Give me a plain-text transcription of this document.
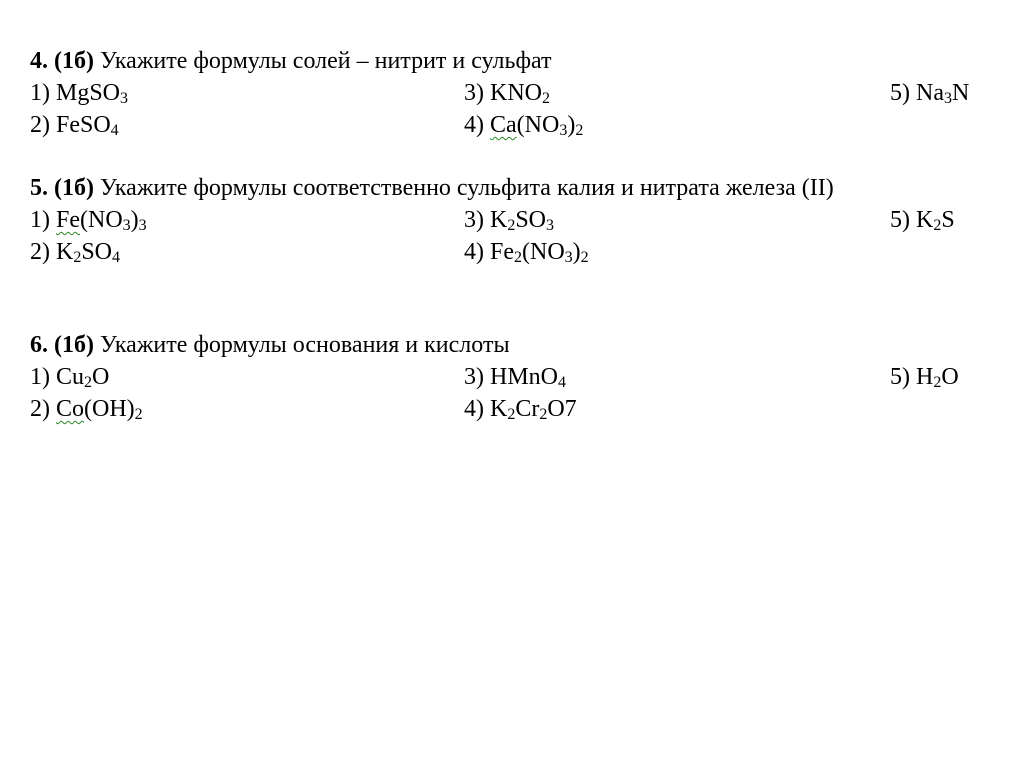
4. (1б) Укажите формулы солей – нитрит и сульфат
1) MgSO$_3$	3) $KNO_2$	5) $Na_3N$
2) FeSO$_4$	4) $Ca(NO_3)_2$
5. (1б) Укажите формулы соответственно сульфита калия и нитрата железа (II)
1) $Fe(NO_3)_3$	3) $K_2SO_3$	5) $K_2S$
2) $K_2SO_4$	4) $Fe_2(NO_3)_2$
6. (1б) Укажите формулы основания и кислоты
1) $Cu_2O$	3) HMnO$_4$	5) $H_2O$
2) $Co(OH)_2$	4) $K_2Cr_2O7$
